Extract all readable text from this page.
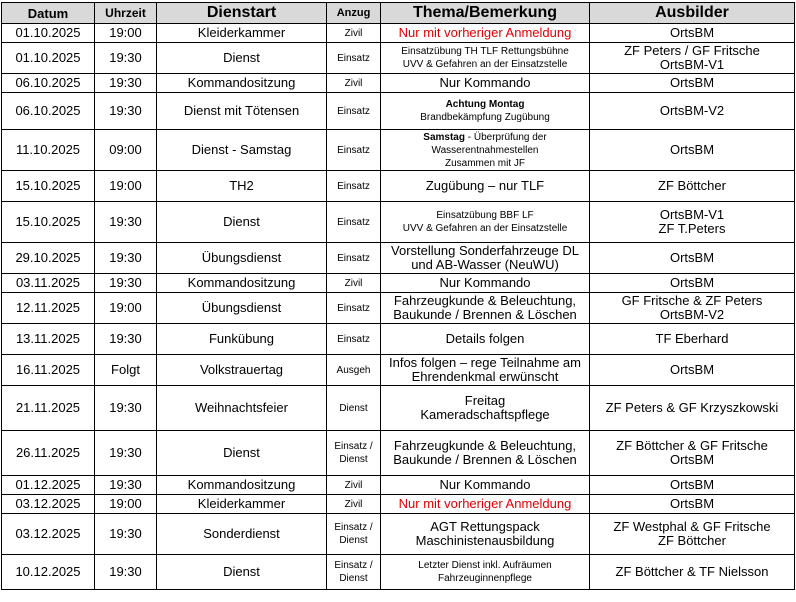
Datum	Uhrzeit	Dienstart	Anzug	Thema/Bemerkung	Ausbilder
01.10.2025	19:00	Kleiderkammer	Zivil	Nur mit vorheriger Anmeldung	OrtsBM

01.10.2025	19:30	Dienst	Einsatz	Einsatzübung TH TLF Rettungsbühne
UVV & Gefahren an der Einsatzstelle	ZF Peters / GF Fritsche
OrtsBM-V1

06.10.2025	19:30	Kommandositzung	Zivil	Nur Kommando	OrtsBM

06.10.2025	19:30	Dienst mit Tötensen	Einsatz	Achtung Montag
Brandbekämpfung Zugübung	OrtsBM-V2

11.10.2025	09:00	Dienst - Samstag	Einsatz	Samstag - Überprüfung der
Wasserentnahmestellen
Zusammen mit JF	OrtsBM

15.10.2025	19:00	TH2	Einsatz	Zugübung – nur TLF	ZF Böttcher

15.10.2025	19:30	Dienst	Einsatz	Einsatzübung BBF LF
UVV & Gefahren an der Einsatzstelle	OrtsBM-V1
ZF T.Peters

29.10.2025	19:30	Übungsdienst	Einsatz	Vorstellung Sonderfahrzeuge DL
und AB-Wasser (NeuWU)	OrtsBM

03.11.2025	19:30	Kommandositzung	Zivil	Nur Kommando	OrtsBM

12.11.2025	19:00	Übungsdienst	Einsatz	Fahrzeugkunde & Beleuchtung,
Baukunde / Brennen & Löschen	GF Fritsche & ZF Peters
OrtsBM-V2

13.11.2025	19:30	Funkübung	Einsatz	Details folgen	TF Eberhard

16.11.2025	Folgt	Volkstrauertag	Ausgeh	Infos folgen – rege Teilnahme am
Ehrendenkmal erwünscht	OrtsBM

21.11.2025	19:30	Weihnachtsfeier	Dienst	Freitag
Kameradschaftspflege	ZF Peters & GF Krzyszkowski

26.11.2025	19:30	Dienst	Einsatz /
Dienst	Fahrzeugkunde & Beleuchtung,
Baukunde / Brennen & Löschen	ZF Böttcher & GF Fritsche
OrtsBM

01.12.2025	19:30	Kommandositzung	Zivil	Nur Kommando	OrtsBM

03.12.2025	19:00	Kleiderkammer	Zivil	Nur mit vorheriger Anmeldung	OrtsBM

03.12.2025	19:30	Sonderdienst	Einsatz /
Dienst	AGT Rettungspack
Maschinistenausbildung	ZF Westphal & GF Fritsche
ZF Böttcher

10.12.2025	19:30	Dienst	Einsatz /
Dienst	Letzter Dienst inkl. Aufräumen
Fahrzeuginnenpflege	ZF Böttcher & TF Nielsson
